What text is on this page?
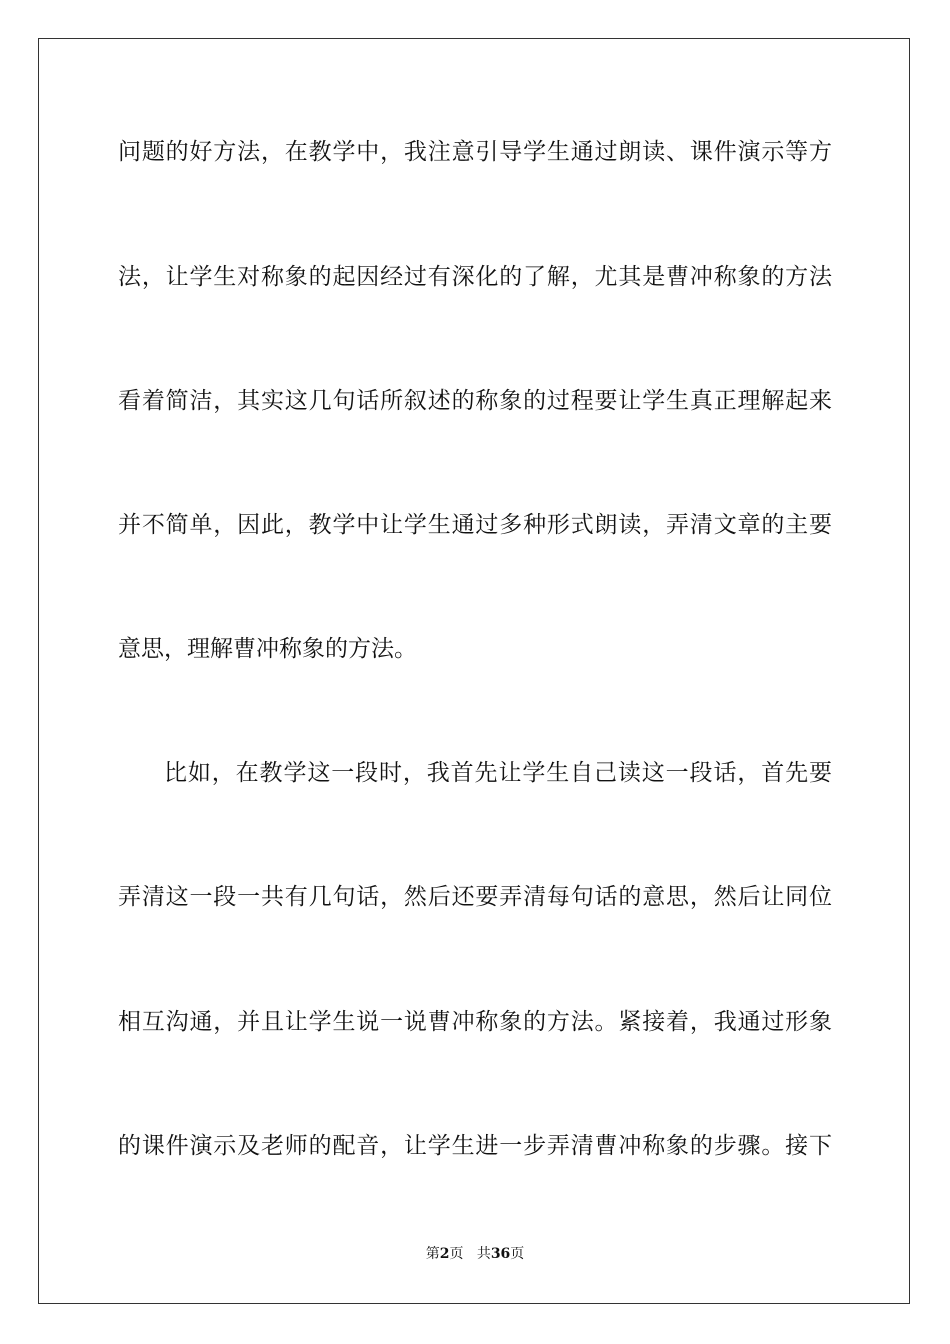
问题的好方法，在教学中，我注意引导学生通过朗读、课件演示等方
法，让学生对称象的起因经过有深化的了解，尤其是曹冲称象的方法
看着简洁，其实这几句话所叙述的称象的过程要让学生真正理解起来
并不简单，因此，教学中让学生通过多种形式朗读，弄清文章的主要
意思，理解曹冲称象的方法。
比如，在教学这一段时，我首先让学生自己读这一段话，首先要
弄清这一段一共有几句话，然后还要弄清每句话的意思，然后让同位
相互沟通，并且让学生说一说曹冲称象的方法。紧接着，我通过形象
的课件演示及老师的配音，让学生进一步弄清曹冲称象的步骤。接下
第2页 共36页
